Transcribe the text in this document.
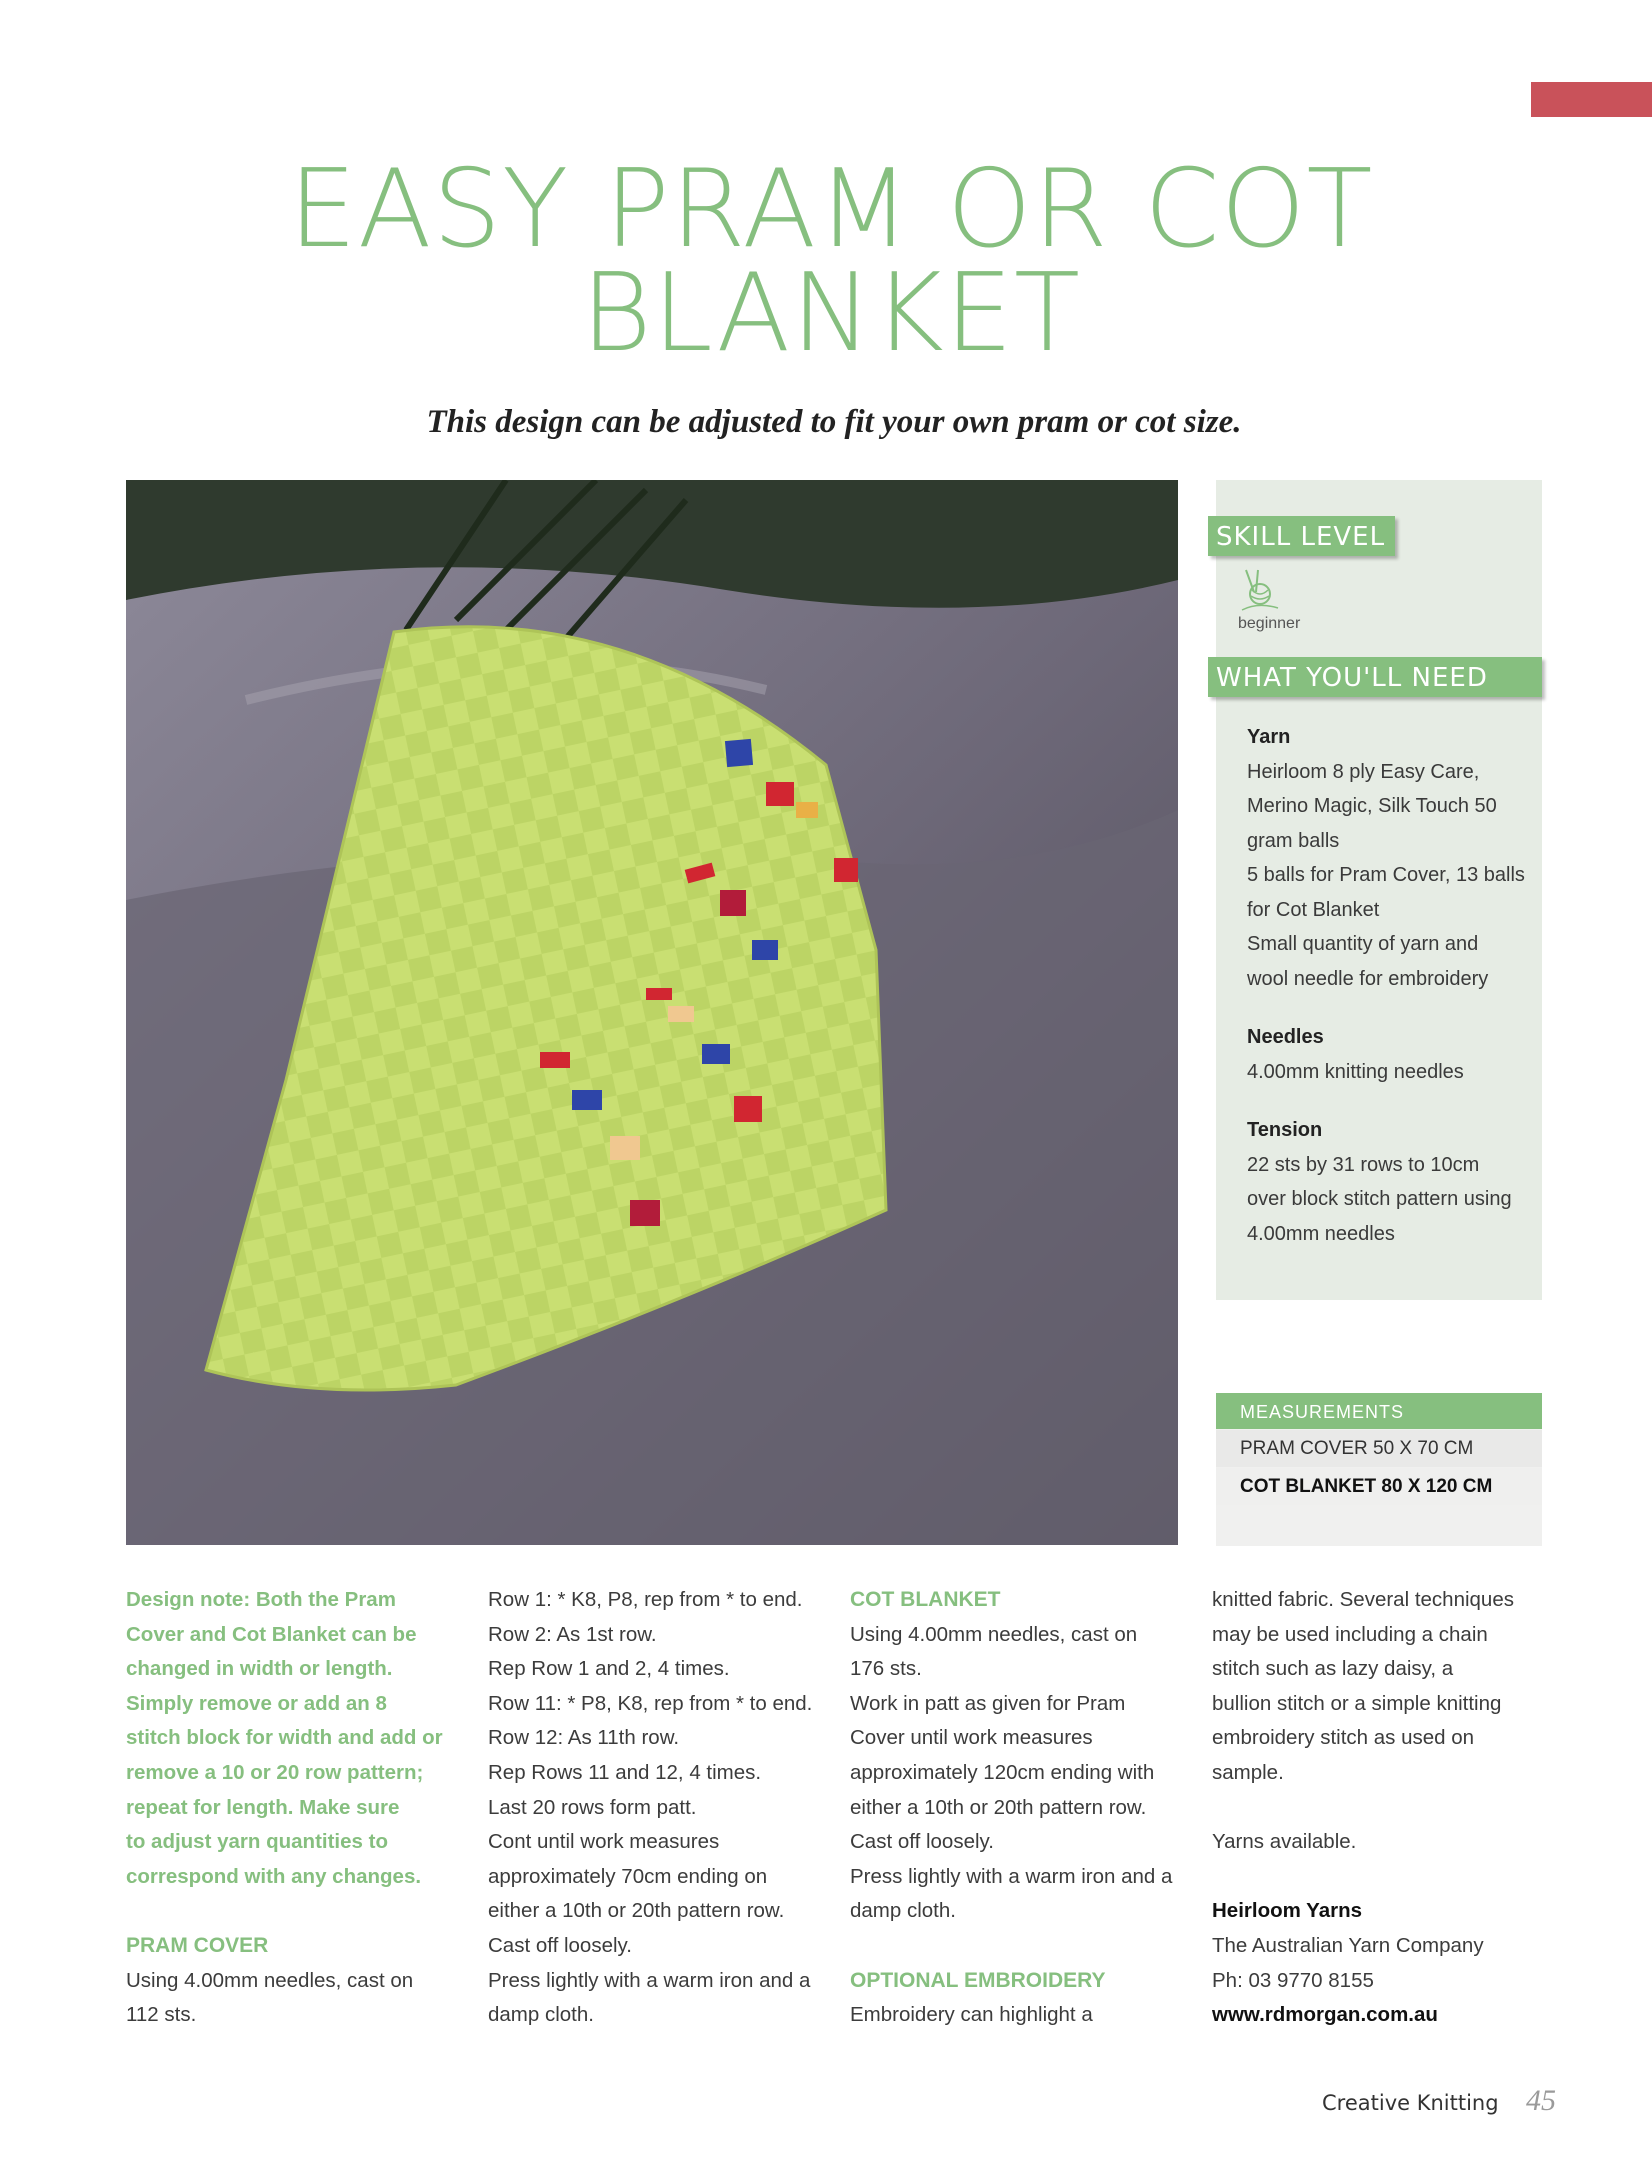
EASY PRAM OR COT
BLANKET

This design can be adjusted to fit your own pram or cot size.

SKILL LEVEL
beginner
WHAT YOU'LL NEED
Yarn
Heirloom 8 ply Easy Care,
Merino Magic, Silk Touch 50
gram balls
5 balls for Pram Cover, 13 balls
for Cot Blanket
Small quantity of yarn and
wool needle for embroidery
Needles
4.00mm knitting needles
Tension
22 sts by 31 rows to 10cm
over block stitch pattern using
4.00mm needles
MEASUREMENTS
PRAM COVER 50 X 70 CM
COT BLANKET 80 X 120 CM
Design note: Both the Pram
Cover and Cot Blanket can be
changed in width or length.
Simply remove or add an 8
stitch block for width and add or
remove a 10 or 20 row pattern;
repeat for length. Make sure
to adjust yarn quantities to
correspond with any changes.
PRAM COVER
Using 4.00mm needles, cast on
112 sts.
Row 1: * K8, P8, rep from * to end.
Row 2: As 1st row.
Rep Row 1 and 2, 4 times.
Row 11: * P8, K8, rep from * to end.
Row 12: As 11th row.
Rep Rows 11 and 12, 4 times.
Last 20 rows form patt.
Cont until work measures
approximately 70cm ending on
either a 10th or 20th pattern row.
Cast off loosely.
Press lightly with a warm iron and a
damp cloth.
COT BLANKET
Using 4.00mm needles, cast on
176 sts.
Work in patt as given for Pram
Cover until work measures
approximately 120cm ending with
either a 10th or 20th pattern row.
Cast off loosely.
Press lightly with a warm iron and a
damp cloth.
OPTIONAL EMBROIDERY
Embroidery can highlight a
knitted fabric. Several techniques
may be used including a chain
stitch such as lazy daisy, a
bullion stitch or a simple knitting
embroidery stitch as used on
sample.
Yarns available.
Heirloom Yarns
The Australian Yarn Company
Ph: 03 9770 8155
www.rdmorgan.com.au
Creative Knitting 45
